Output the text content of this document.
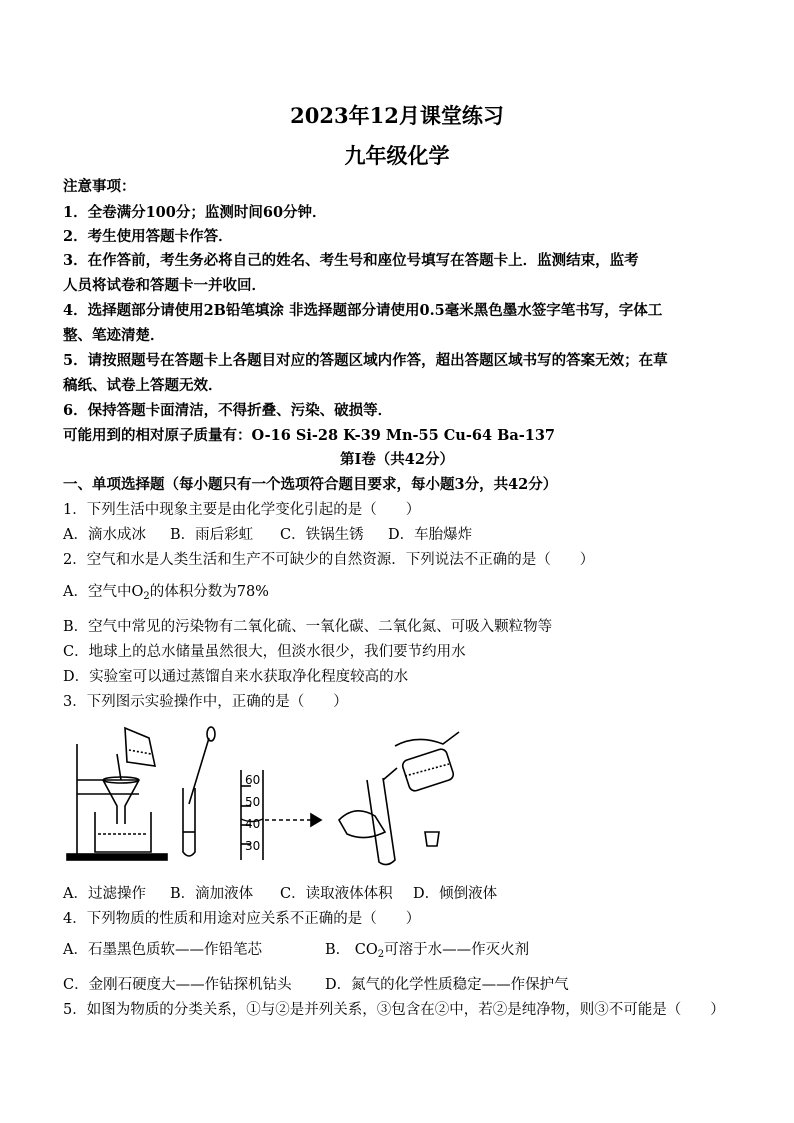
2023年12月课堂练习
九年级化学
注意事项：
1．全卷满分100分；监测时间60分钟．
2．考生使用答题卡作答．
3．在作答前，考生务必将自己的姓名、考生号和座位号填写在答题卡上．监测结束，监考
人员将试卷和答题卡一并收回．
4．选择题部分请使用2B铅笔填涂 非选择题部分请使用0.5毫米黑色墨水签字笔书写，字体工
整、笔迹清楚．
5．请按照题号在答题卡上各题目对应的答题区域内作答，超出答题区域书写的答案无效；在草
稿纸、试卷上答题无效．
6．保持答题卡面清洁，不得折叠、污染、破损等．
可能用到的相对原子质量有：O-16 Si-28 K-39 Mn-55 Cu-64 Ba-137
第Ⅰ卷（共42分）
一、单项选择题（每小题只有一个选项符合题目要求，每小题3分，共42分）
1．下列生活中现象主要是由化学变化引起的是（　　）
A．滴水成冰 B．雨后彩虹 C．铁锅生锈 D．车胎爆炸
2．空气和水是人类生活和生产不可缺少的自然资源．下列说法不正确的是（　　）
A．空气中$O_2$的体积分数为78%
B．空气中常见的污染物有二氧化硫、一氧化碳、二氧化氮、可吸入颗粒物等
C．地球上的总水储量虽然很大，但淡水很少，我们要节约用水
D．实验室可以通过蒸馏自来水获取净化程度较高的水
3．下列图示实验操作中，正确的是（　　）
60
50
40
30
A．过滤操作 B．滴加液体 C．读取液体体积 D．倾倒液体
4．下列物质的性质和用途对应关系不正确的是（　　）
A．石墨黑色质软——作铅笔芯	B． $CO_2$可溶于水——作灭火剂
C．金刚石硬度大——作钻探机钻头 D．氮气的化学性质稳定——作保护气
5．如图为物质的分类关系，①与②是并列关系，③包含在②中，若②是纯净物，则③不可能是（　　）
